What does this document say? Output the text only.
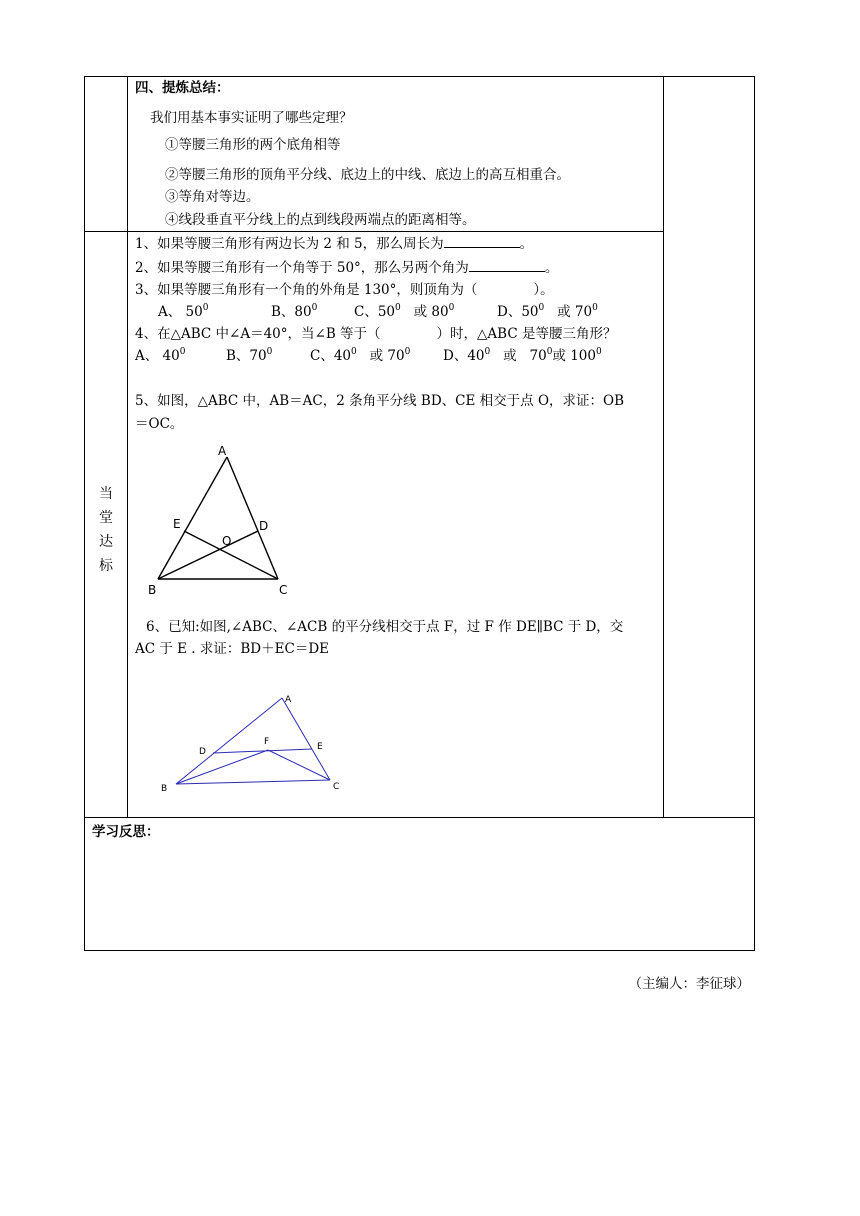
四、提炼总结：
我们用基本事实证明了哪些定理？
①等腰三角形的两个底角相等
②等腰三角形的顶角平分线、底边上的中线、底边上的高互相重合。
③等角对等边。
④线段垂直平分线上的点到线段两端点的距离相等。
当
堂
达
标
1、如果等腰三角形有两边长为 2 和 5，那么周长为	。
2、如果等腰三角形有一个角等于 50°，那么另两个角为	。
3、如果等腰三角形有一个角的外角是 130°，则顶角为（	）。
A、 $50^0$	B、$80^0$	C、$50^0$ 或 $80^0$	D、$50^0$ 或 $70^0$
4、在△ABC 中∠A＝40°，当∠B 等于（	）时，△ABC 是等腰三角形？
A、 $40^0$	B、$70^0$	C、$40^0$ 或 $70^0$ D、$40^0$ 或 $70^0$或 $100^0$
5、如图，△ABC 中，AB＝AC，2 条角平分线 BD、CE 相交于点 O，求证：OB
＝OC。
A
B	C
D
E
O
6、已知:如图,∠ABC、∠ACB 的平分线相交于点 F，过 F 作 DE∥BC 于 D，交
AC 于 E . 求证：BD＋EC＝DE
A
B	C
D	E
F
学习反思：
（主编人：李征球）
